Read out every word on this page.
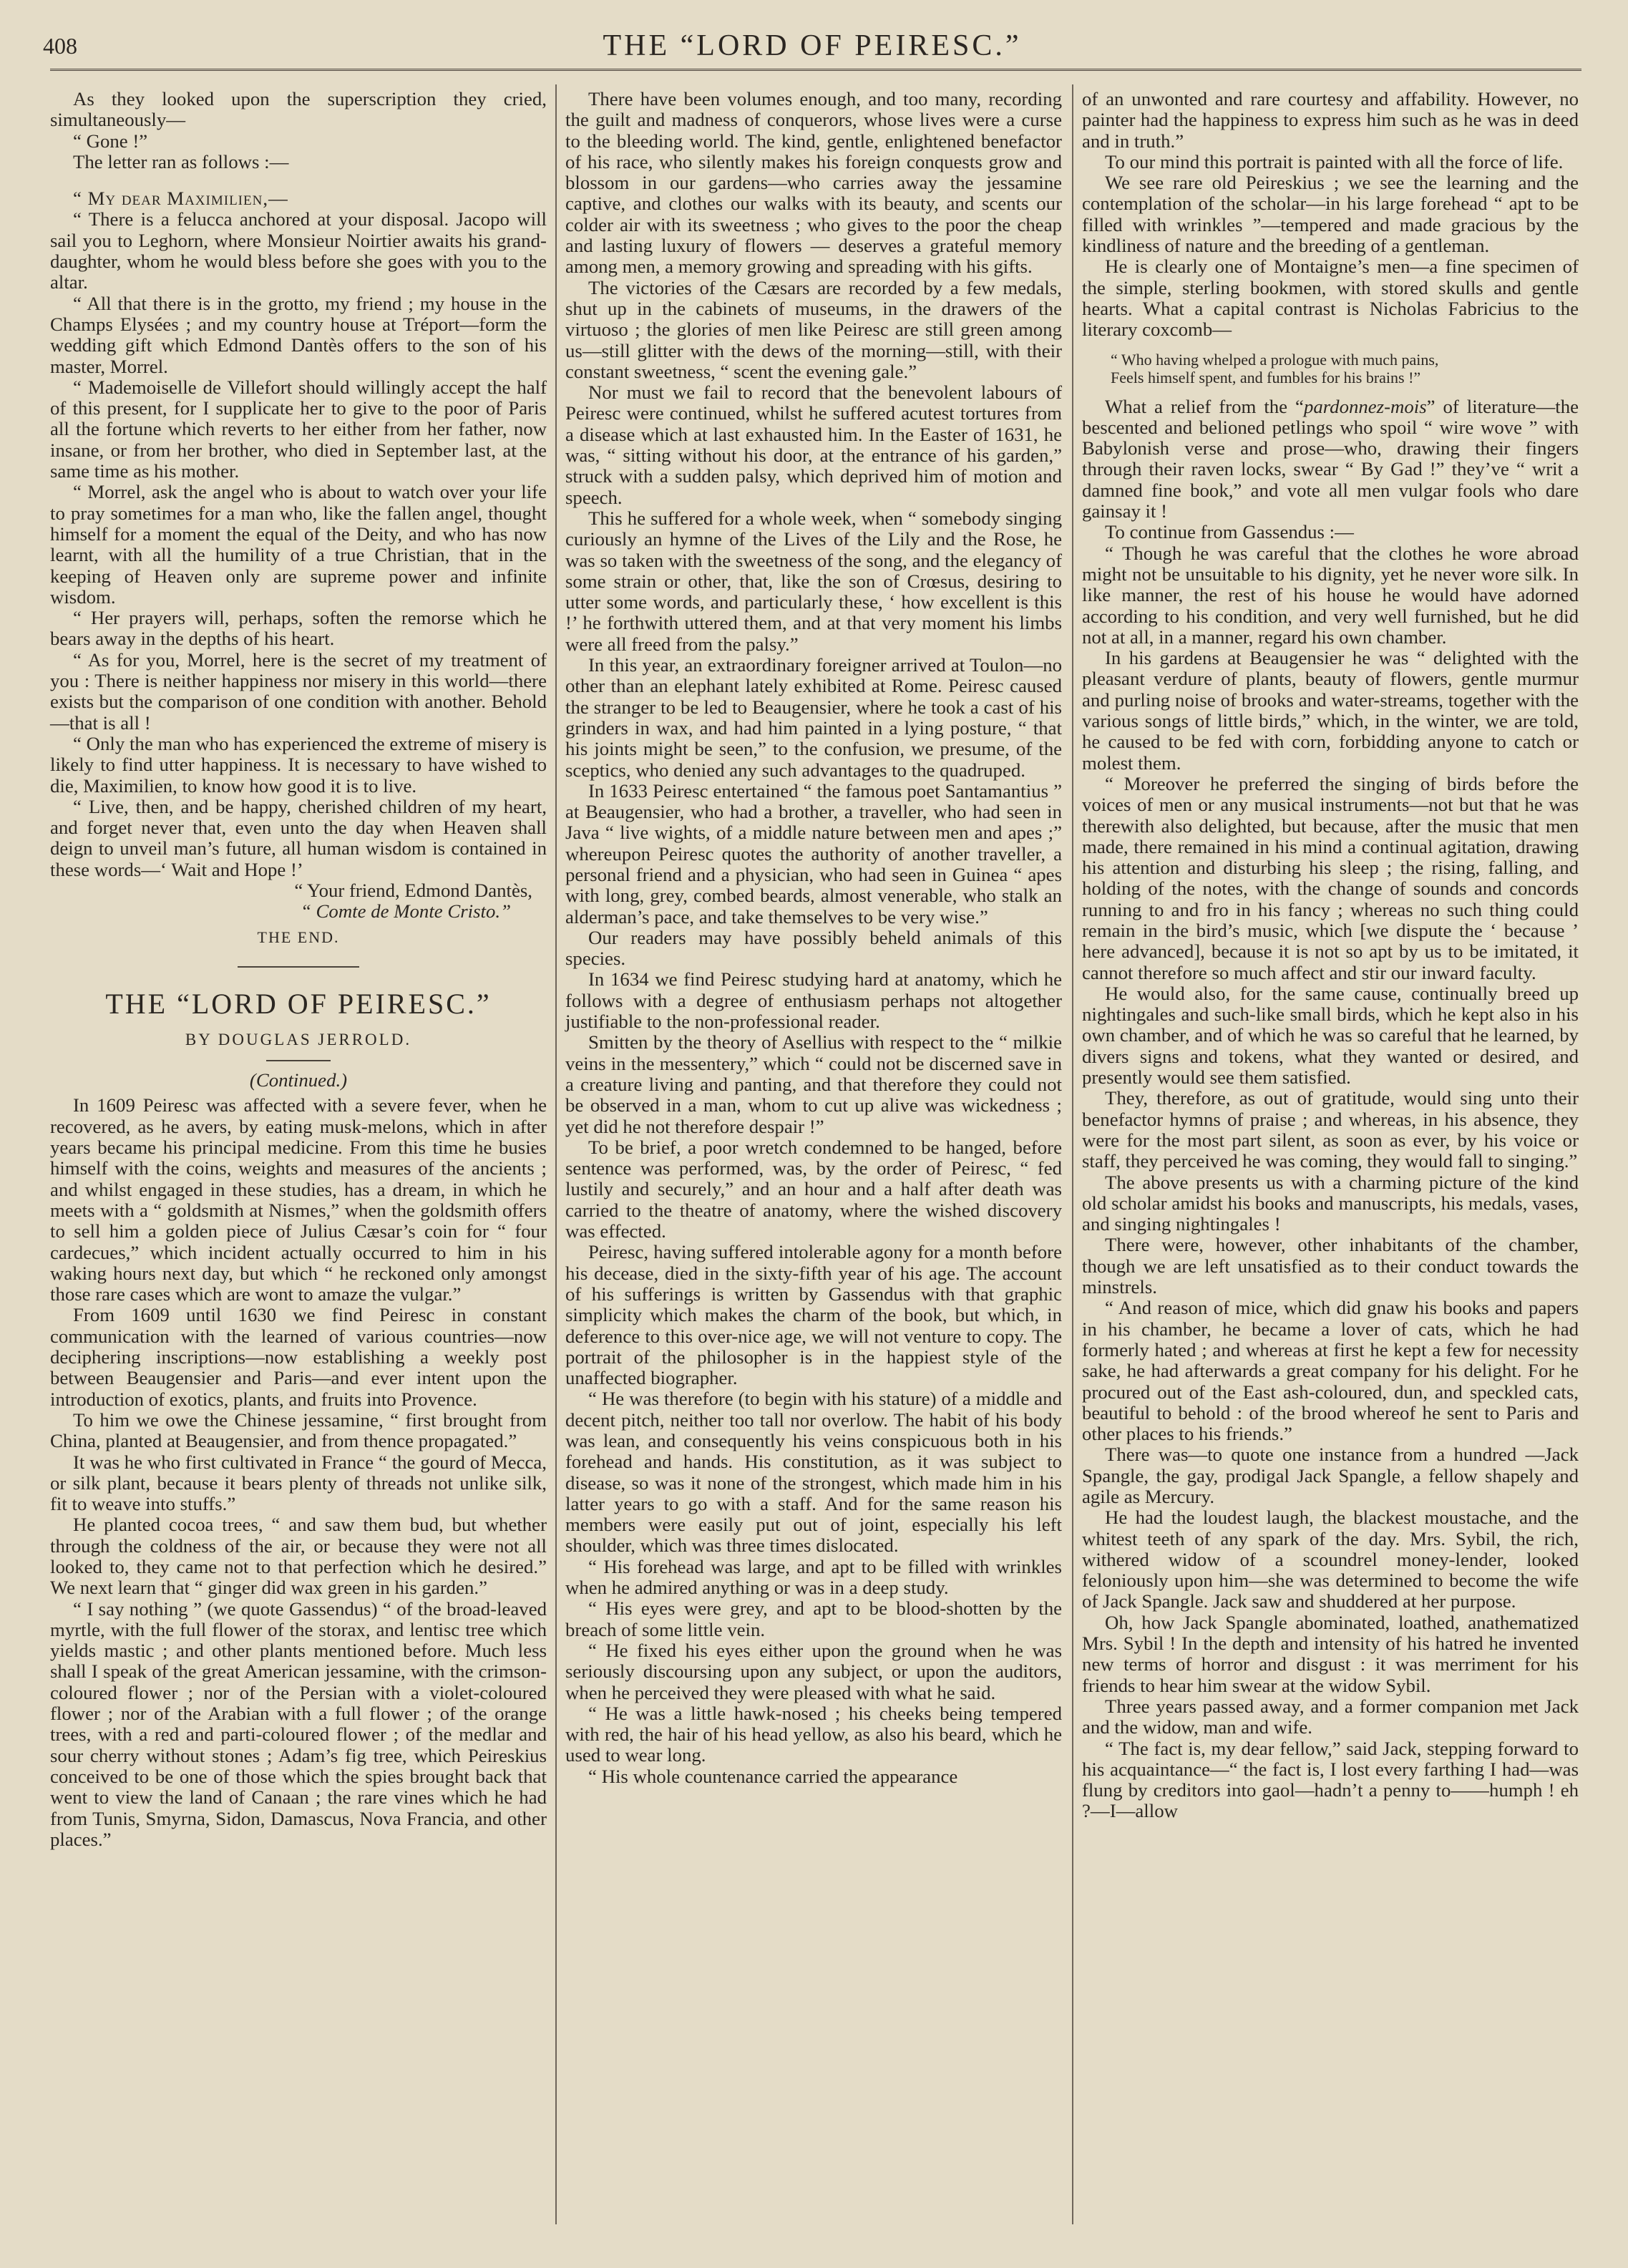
408	THE “LORD OF PEIRESC.”

As they looked upon the superscription they cried, simultaneously—

“ Gone !”

The letter ran as follows :—

“ My dear Maximilien,—

“ There is a felucca anchored at your disposal. Jacopo will sail you to Leghorn, where Monsieur Noirtier awaits his grand-daughter, whom he would bless before she goes with you to the altar.

“ All that there is in the grotto, my friend ; my house in the Champs Elysées ; and my country house at Tréport—form the wedding gift which Edmond Dantès offers to the son of his master, Morrel.

“ Mademoiselle de Villefort should willingly accept the half of this present, for I supplicate her to give to the poor of Paris all the fortune which reverts to her either from her father, now insane, or from her brother, who died in September last, at the same time as his mother.

“ Morrel, ask the angel who is about to watch over your life to pray sometimes for a man who, like the fallen angel, thought himself for a moment the equal of the Deity, and who has now learnt, with all the humility of a true Christian, that in the keeping of Heaven only are supreme power and infinite wisdom.

“ Her prayers will, perhaps, soften the remorse which he bears away in the depths of his heart.

“ As for you, Morrel, here is the secret of my treatment of you : There is neither happiness nor misery in this world—there exists but the comparison of one condition with another. Behold—that is all !

“ Only the man who has experienced the extreme of misery is likely to find utter happiness. It is necessary to have wished to die, Maximilien, to know how good it is to live.

“ Live, then, and be happy, cherished children of my heart, and forget never that, even unto the day when Heaven shall deign to unveil man’s future, all human wisdom is contained in these words—‘ Wait and Hope !’

“ Your friend, Edmond Dantès,

“ Comte de Monte Cristo.”

THE END.

THE “LORD OF PEIRESC.”

BY DOUGLAS JERROLD.

(Continued.)

In 1609 Peiresc was affected with a severe fever, when he recovered, as he avers, by eating musk-melons, which in after years became his principal medicine. From this time he busies himself with the coins, weights and measures of the ancients ; and whilst engaged in these studies, has a dream, in which he meets with a “ goldsmith at Nismes,” when the goldsmith offers to sell him a golden piece of Julius Cæsar’s coin for “ four cardecues,” which incident actually occurred to him in his waking hours next day, but which “ he reckoned only amongst those rare cases which are wont to amaze the vulgar.”

From 1609 until 1630 we find Peiresc in constant communication with the learned of various countries—now deciphering inscriptions—now establishing a weekly post between Beaugensier and Paris—and ever intent upon the introduction of exotics, plants, and fruits into Provence.

To him we owe the Chinese jessamine, “ first brought from China, planted at Beaugensier, and from thence propagated.”

It was he who first cultivated in France “ the gourd of Mecca, or silk plant, because it bears plenty of threads not unlike silk, fit to weave into stuffs.”

He planted cocoa trees, “ and saw them bud, but whether through the coldness of the air, or because they were not all looked to, they came not to that perfection which he desired.” We next learn that “ ginger did wax green in his garden.”

“ I say nothing ” (we quote Gassendus) “ of the broad-leaved myrtle, with the full flower of the storax, and lentisc tree which yields mastic ; and other plants mentioned before. Much less shall I speak of the great American jessamine, with the crimson-coloured flower ; nor of the Persian with a violet-coloured flower ; nor of the Arabian with a full flower ; of the orange trees, with a red and parti-coloured flower ; of the medlar and sour cherry without stones ; Adam’s fig tree, which Peireskius conceived to be one of those which the spies brought back that went to view the land of Canaan ; the rare vines which he had from Tunis, Smyrna, Sidon, Damascus, Nova Francia, and other places.”

There have been volumes enough, and too many, recording the guilt and madness of conquerors, whose lives were a curse to the bleeding world. The kind, gentle, enlightened benefactor of his race, who silently makes his foreign conquests grow and blossom in our gardens—who carries away the jessamine captive, and clothes our walks with its beauty, and scents our colder air with its sweetness ; who gives to the poor the cheap and lasting luxury of flowers — deserves a grateful memory among men, a memory growing and spreading with his gifts.

The victories of the Cæsars are recorded by a few medals, shut up in the cabinets of museums, in the drawers of the virtuoso ; the glories of men like Peiresc are still green among us—still glitter with the dews of the morning—still, with their constant sweetness, “ scent the evening gale.”

Nor must we fail to record that the benevolent labours of Peiresc were continued, whilst he suffered acutest tortures from a disease which at last exhausted him. In the Easter of 1631, he was, “ sitting without his door, at the entrance of his garden,” struck with a sudden palsy, which deprived him of motion and speech.

This he suffered for a whole week, when “ somebody singing curiously an hymne of the Lives of the Lily and the Rose, he was so taken with the sweetness of the song, and the elegancy of some strain or other, that, like the son of Crœsus, desiring to utter some words, and particularly these, ‘ how excellent is this !’ he forthwith uttered them, and at that very moment his limbs were all freed from the palsy.”

In this year, an extraordinary foreigner arrived at Toulon—no other than an elephant lately exhibited at Rome. Peiresc caused the stranger to be led to Beaugensier, where he took a cast of his grinders in wax, and had him painted in a lying posture, “ that his joints might be seen,” to the confusion, we presume, of the sceptics, who denied any such advantages to the quadruped.

In 1633 Peiresc entertained “ the famous poet Santamantius ” at Beaugensier, who had a brother, a traveller, who had seen in Java “ live wights, of a middle nature between men and apes ;” whereupon Peiresc quotes the authority of another traveller, a personal friend and a physician, who had seen in Guinea “ apes with long, grey, combed beards, almost venerable, who stalk an alderman’s pace, and take themselves to be very wise.”

Our readers may have possibly beheld animals of this species.

In 1634 we find Peiresc studying hard at anatomy, which he follows with a degree of enthusiasm perhaps not altogether justifiable to the non-professional reader.

Smitten by the theory of Asellius with respect to the “ milkie veins in the messentery,” which “ could not be discerned save in a creature living and panting, and that therefore they could not be observed in a man, whom to cut up alive was wickedness ; yet did he not therefore despair !”

To be brief, a poor wretch condemned to be hanged, before sentence was performed, was, by the order of Peiresc, “ fed lustily and securely,” and an hour and a half after death was carried to the theatre of anatomy, where the wished discovery was effected.

Peiresc, having suffered intolerable agony for a month before his decease, died in the sixty-fifth year of his age. The account of his sufferings is written by Gassendus with that graphic simplicity which makes the charm of the book, but which, in deference to this over-nice age, we will not venture to copy. The portrait of the philosopher is in the happiest style of the unaffected biographer.

“ He was therefore (to begin with his stature) of a middle and decent pitch, neither too tall nor overlow. The habit of his body was lean, and consequently his veins conspicuous both in his forehead and hands. His constitution, as it was subject to disease, so was it none of the strongest, which made him in his latter years to go with a staff. And for the same reason his members were easily put out of joint, especially his left shoulder, which was three times dislocated.

“ His forehead was large, and apt to be filled with wrinkles when he admired anything or was in a deep study.

“ His eyes were grey, and apt to be blood-shotten by the breach of some little vein.

“ He fixed his eyes either upon the ground when he was seriously discoursing upon any subject, or upon the auditors, when he perceived they were pleased with what he said.

“ He was a little hawk-nosed ; his cheeks being tempered with red, the hair of his head yellow, as also his beard, which he used to wear long.

“ His whole countenance carried the appearance

of an unwonted and rare courtesy and affability. However, no painter had the happiness to express him such as he was in deed and in truth.”

To our mind this portrait is painted with all the force of life.

We see rare old Peireskius ; we see the learning and the contemplation of the scholar—in his large forehead “ apt to be filled with wrinkles ”—tempered and made gracious by the kindliness of nature and the breeding of a gentleman.

He is clearly one of Montaigne’s men—a fine specimen of the simple, sterling bookmen, with stored skulls and gentle hearts. What a capital contrast is Nicholas Fabricius to the literary coxcomb—

“ Who having whelped a prologue with much pains,
Feels himself spent, and fumbles for his brains !”

What a relief from the “pardonnez-mois” of literature—the bescented and belioned petlings who spoil “ wire wove ” with Babylonish verse and prose—who, drawing their fingers through their raven locks, swear “ By Gad !” they’ve “ writ a damned fine book,” and vote all men vulgar fools who dare gainsay it !

To continue from Gassendus :—

“ Though he was careful that the clothes he wore abroad might not be unsuitable to his dignity, yet he never wore silk. In like manner, the rest of his house he would have adorned according to his condition, and very well furnished, but he did not at all, in a manner, regard his own chamber.

In his gardens at Beaugensier he was “ delighted with the pleasant verdure of plants, beauty of flowers, gentle murmur and purling noise of brooks and water-streams, together with the various songs of little birds,” which, in the winter, we are told, he caused to be fed with corn, forbidding anyone to catch or molest them.

“ Moreover he preferred the singing of birds before the voices of men or any musical instruments—not but that he was therewith also delighted, but because, after the music that men made, there remained in his mind a continual agitation, drawing his attention and disturbing his sleep ; the rising, falling, and holding of the notes, with the change of sounds and concords running to and fro in his fancy ; whereas no such thing could remain in the bird’s music, which [we dispute the ‘ because ’ here advanced], because it is not so apt by us to be imitated, it cannot therefore so much affect and stir our inward faculty.

He would also, for the same cause, continually breed up nightingales and such-like small birds, which he kept also in his own chamber, and of which he was so careful that he learned, by divers signs and tokens, what they wanted or desired, and presently would see them satisfied.

They, therefore, as out of gratitude, would sing unto their benefactor hymns of praise ; and whereas, in his absence, they were for the most part silent, as soon as ever, by his voice or staff, they perceived he was coming, they would fall to singing.”

The above presents us with a charming picture of the kind old scholar amidst his books and manuscripts, his medals, vases, and singing nightingales !

There were, however, other inhabitants of the chamber, though we are left unsatisfied as to their conduct towards the minstrels.

“ And reason of mice, which did gnaw his books and papers in his chamber, he became a lover of cats, which he had formerly hated ; and whereas at first he kept a few for necessity sake, he had afterwards a great company for his delight. For he procured out of the East ash-coloured, dun, and speckled cats, beautiful to behold : of the brood whereof he sent to Paris and other places to his friends.”

There was—to quote one instance from a hundred —Jack Spangle, the gay, prodigal Jack Spangle, a fellow shapely and agile as Mercury.

He had the loudest laugh, the blackest moustache, and the whitest teeth of any spark of the day. Mrs. Sybil, the rich, withered widow of a scoundrel money-lender, looked feloniously upon him—she was determined to become the wife of Jack Spangle. Jack saw and shuddered at her purpose.

Oh, how Jack Spangle abominated, loathed, anathematized Mrs. Sybil ! In the depth and intensity of his hatred he invented new terms of horror and disgust : it was merriment for his friends to hear him swear at the widow Sybil.

Three years passed away, and a former companion met Jack and the widow, man and wife.

“ The fact is, my dear fellow,” said Jack, stepping forward to his acquaintance—“ the fact is, I lost every farthing I had—was flung by creditors into gaol—hadn’t a penny to——humph ! eh ?—I—allow
